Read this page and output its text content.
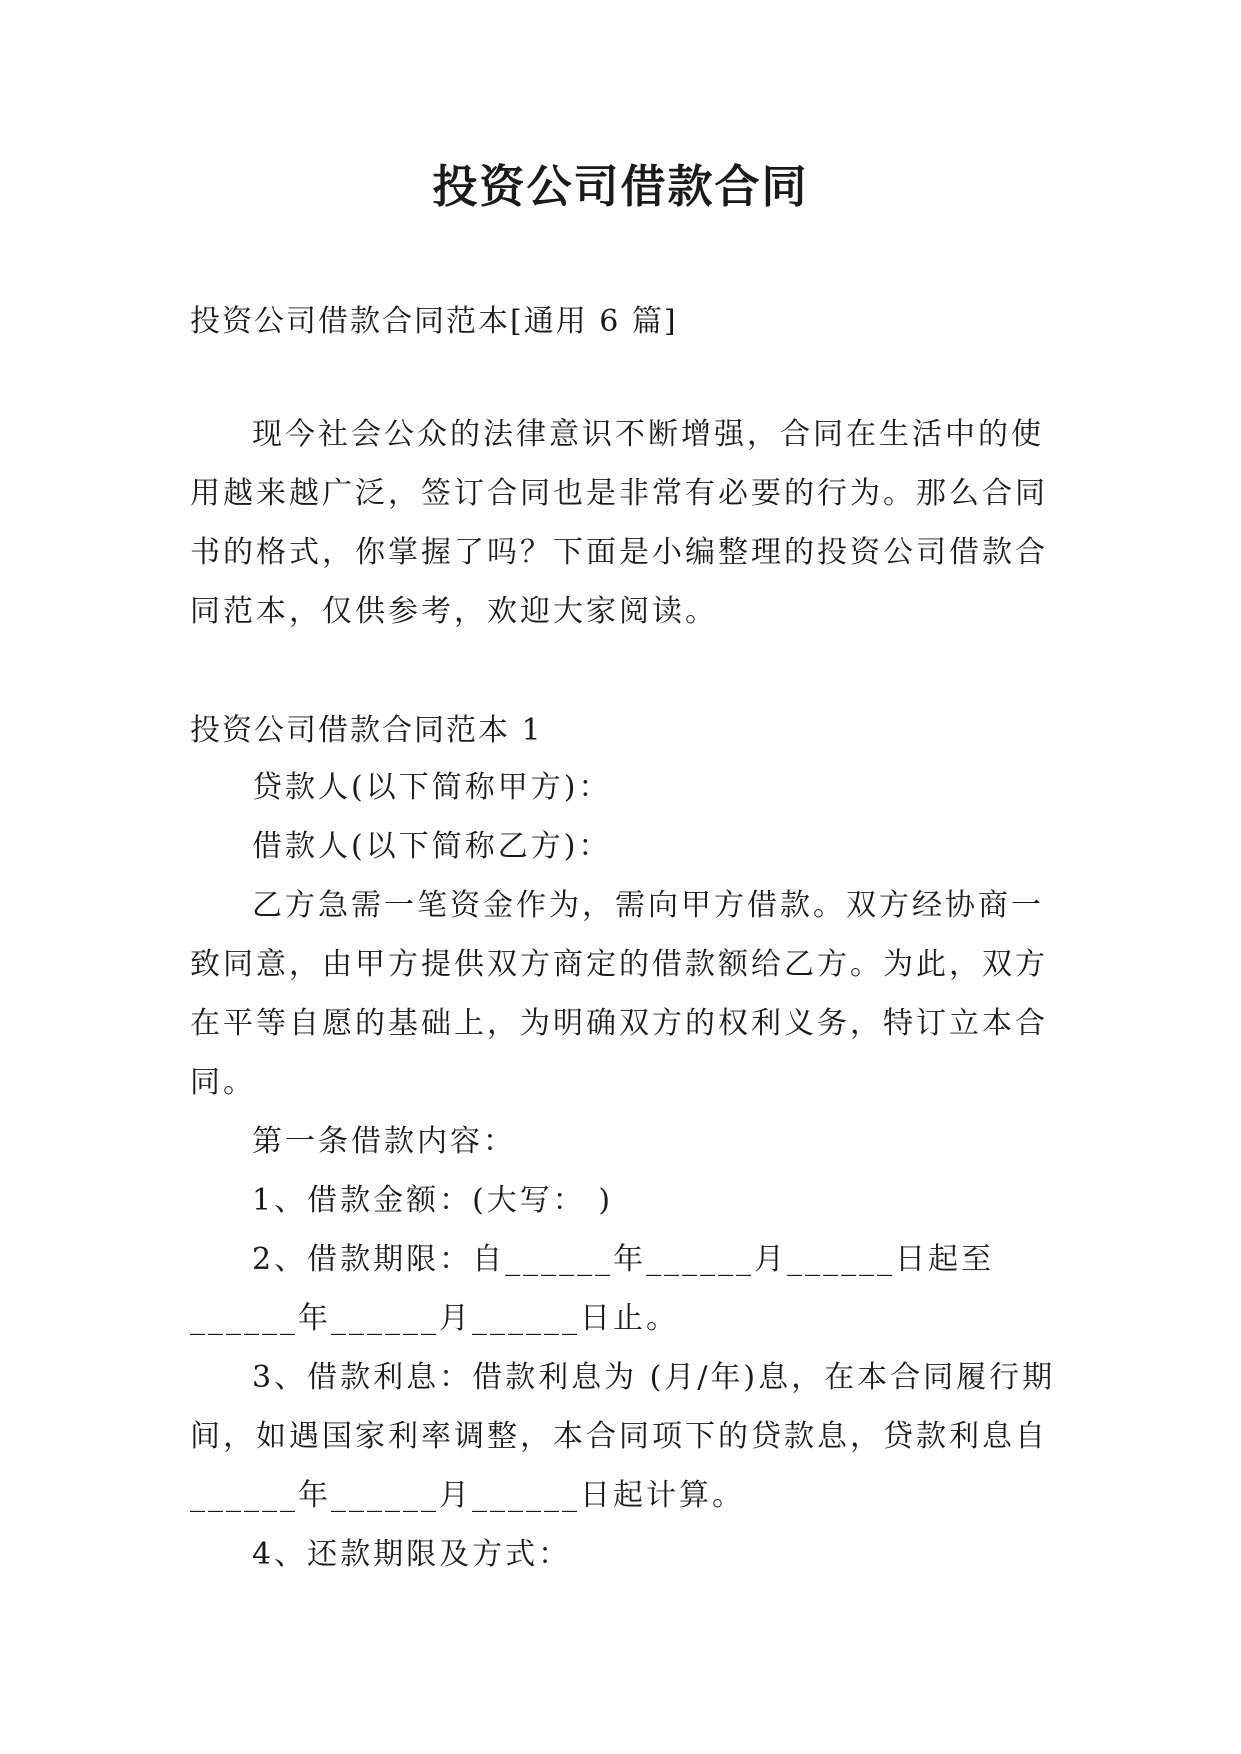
投资公司借款合同
投资公司借款合同范本[通用 6 篇]

现今社会公众的法律意识不断增强，合同在生活中的使用越来越广泛，签订合同也是非常有必要的行为。那么合同书的格式，你掌握了吗？下面是小编整理的投资公司借款合同范本，仅供参考，欢迎大家阅读。

投资公司借款合同范本 1

贷款人(以下简称甲方)：

借款人(以下简称乙方)：

乙方急需一笔资金作为，需向甲方借款。双方经协商一致同意，由甲方提供双方商定的借款额给乙方。为此，双方在平等自愿的基础上，为明确双方的权利义务，特订立本合同。

第一条借款内容：

1、借款金额：(大写： )

2、借款期限：自______年______月______日起至______年______月______日止。

3、借款利息：借款利息为 (月/年)息，在本合同履行期间，如遇国家利率调整，本合同项下的贷款息，贷款利息自______年______月______日起计算。

4、还款期限及方式：
